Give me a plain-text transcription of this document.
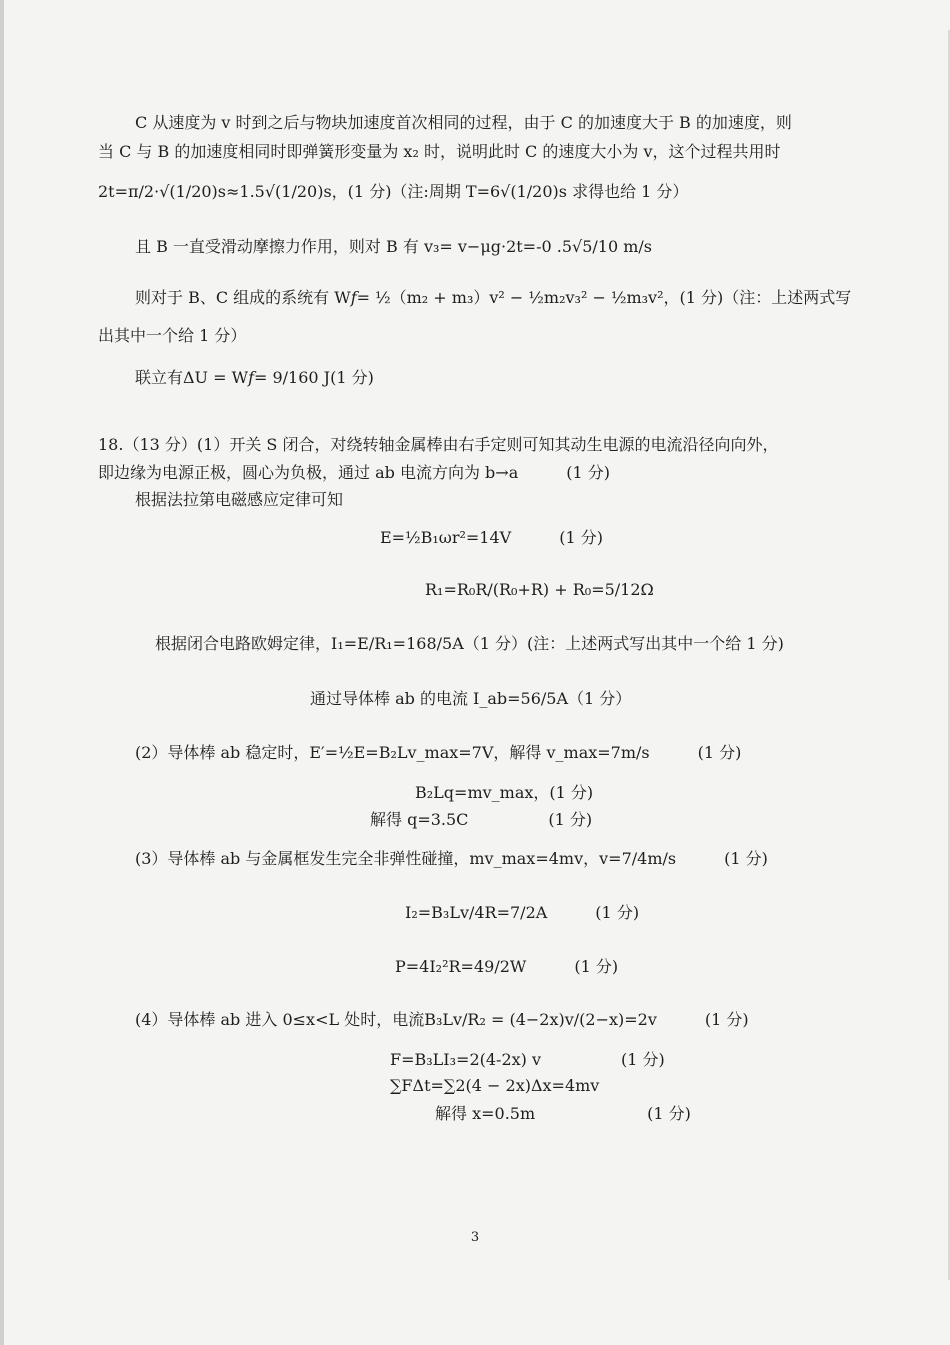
C 从速度为 v 时到之后与物块加速度首次相同的过程，由于 C 的加速度大于 B 的加速度，则
当 C 与 B 的加速度相同时即弹簧形变量为 x₂ 时，说明此时 C 的速度大小为 v，这个过程共用时
2t=π/2·√(1/20)s≈1.5√(1/20)s，(1 分)（注:周期 T=6√(1/20)s 求得也给 1 分）
且 B 一直受滑动摩擦力作用，则对 B 有 v₃= v−μg·2t=-0 .5√5/10 m/s
则对于 B、C 组成的系统有 W𝑓= ½（m₂ + m₃）v² − ½m₂v₃² − ½m₃v²，(1 分)（注：上述两式写
出其中一个给 1 分）
联立有ΔU = W𝑓= 9/160 J(1 分)
18.（13 分）(1）开关 S 闭合，对绕转轴金属棒由右手定则可知其动生电源的电流沿径向向外，
即边缘为电源正极，圆心为负极，通过 ab 电流方向为 b→a　　　(1 分)
根据法拉第电磁感应定律可知
E=½B₁ωr²=14V　　　(1 分)
R₁=R₀R/(R₀+R) + R₀=5/12Ω
根据闭合电路欧姆定律，I₁=E/R₁=168/5A（1 分）(注：上述两式写出其中一个给 1 分)
通过导体棒 ab 的电流 I_ab=56/5A（1 分）
(2）导体棒 ab 稳定时，E′=½E=B₂Lv_max=7V，解得 v_max=7m/s　　　(1 分)
B₂Lq=mv_max，(1 分)
解得 q=3.5C　　　　　(1 分)
(3）导体棒 ab 与金属框发生完全非弹性碰撞，mv_max=4mv，v=7/4m/s　　　(1 分)
I₂=B₃Lv/4R=7/2A　　　(1 分)
P=4I₂²R=49/2W　　　(1 分)
(4）导体棒 ab 进入 0≤x<L 处时，电流B₃Lv/R₂ = (4−2x)v/(2−x)=2v　　　(1 分)
F=B₃LI₃=2(4-2x) v　　　　　(1 分)
∑FΔt=∑2(4 − 2x)Δx=4mv
解得 x=0.5m　　　　　　　(1 分)
3
